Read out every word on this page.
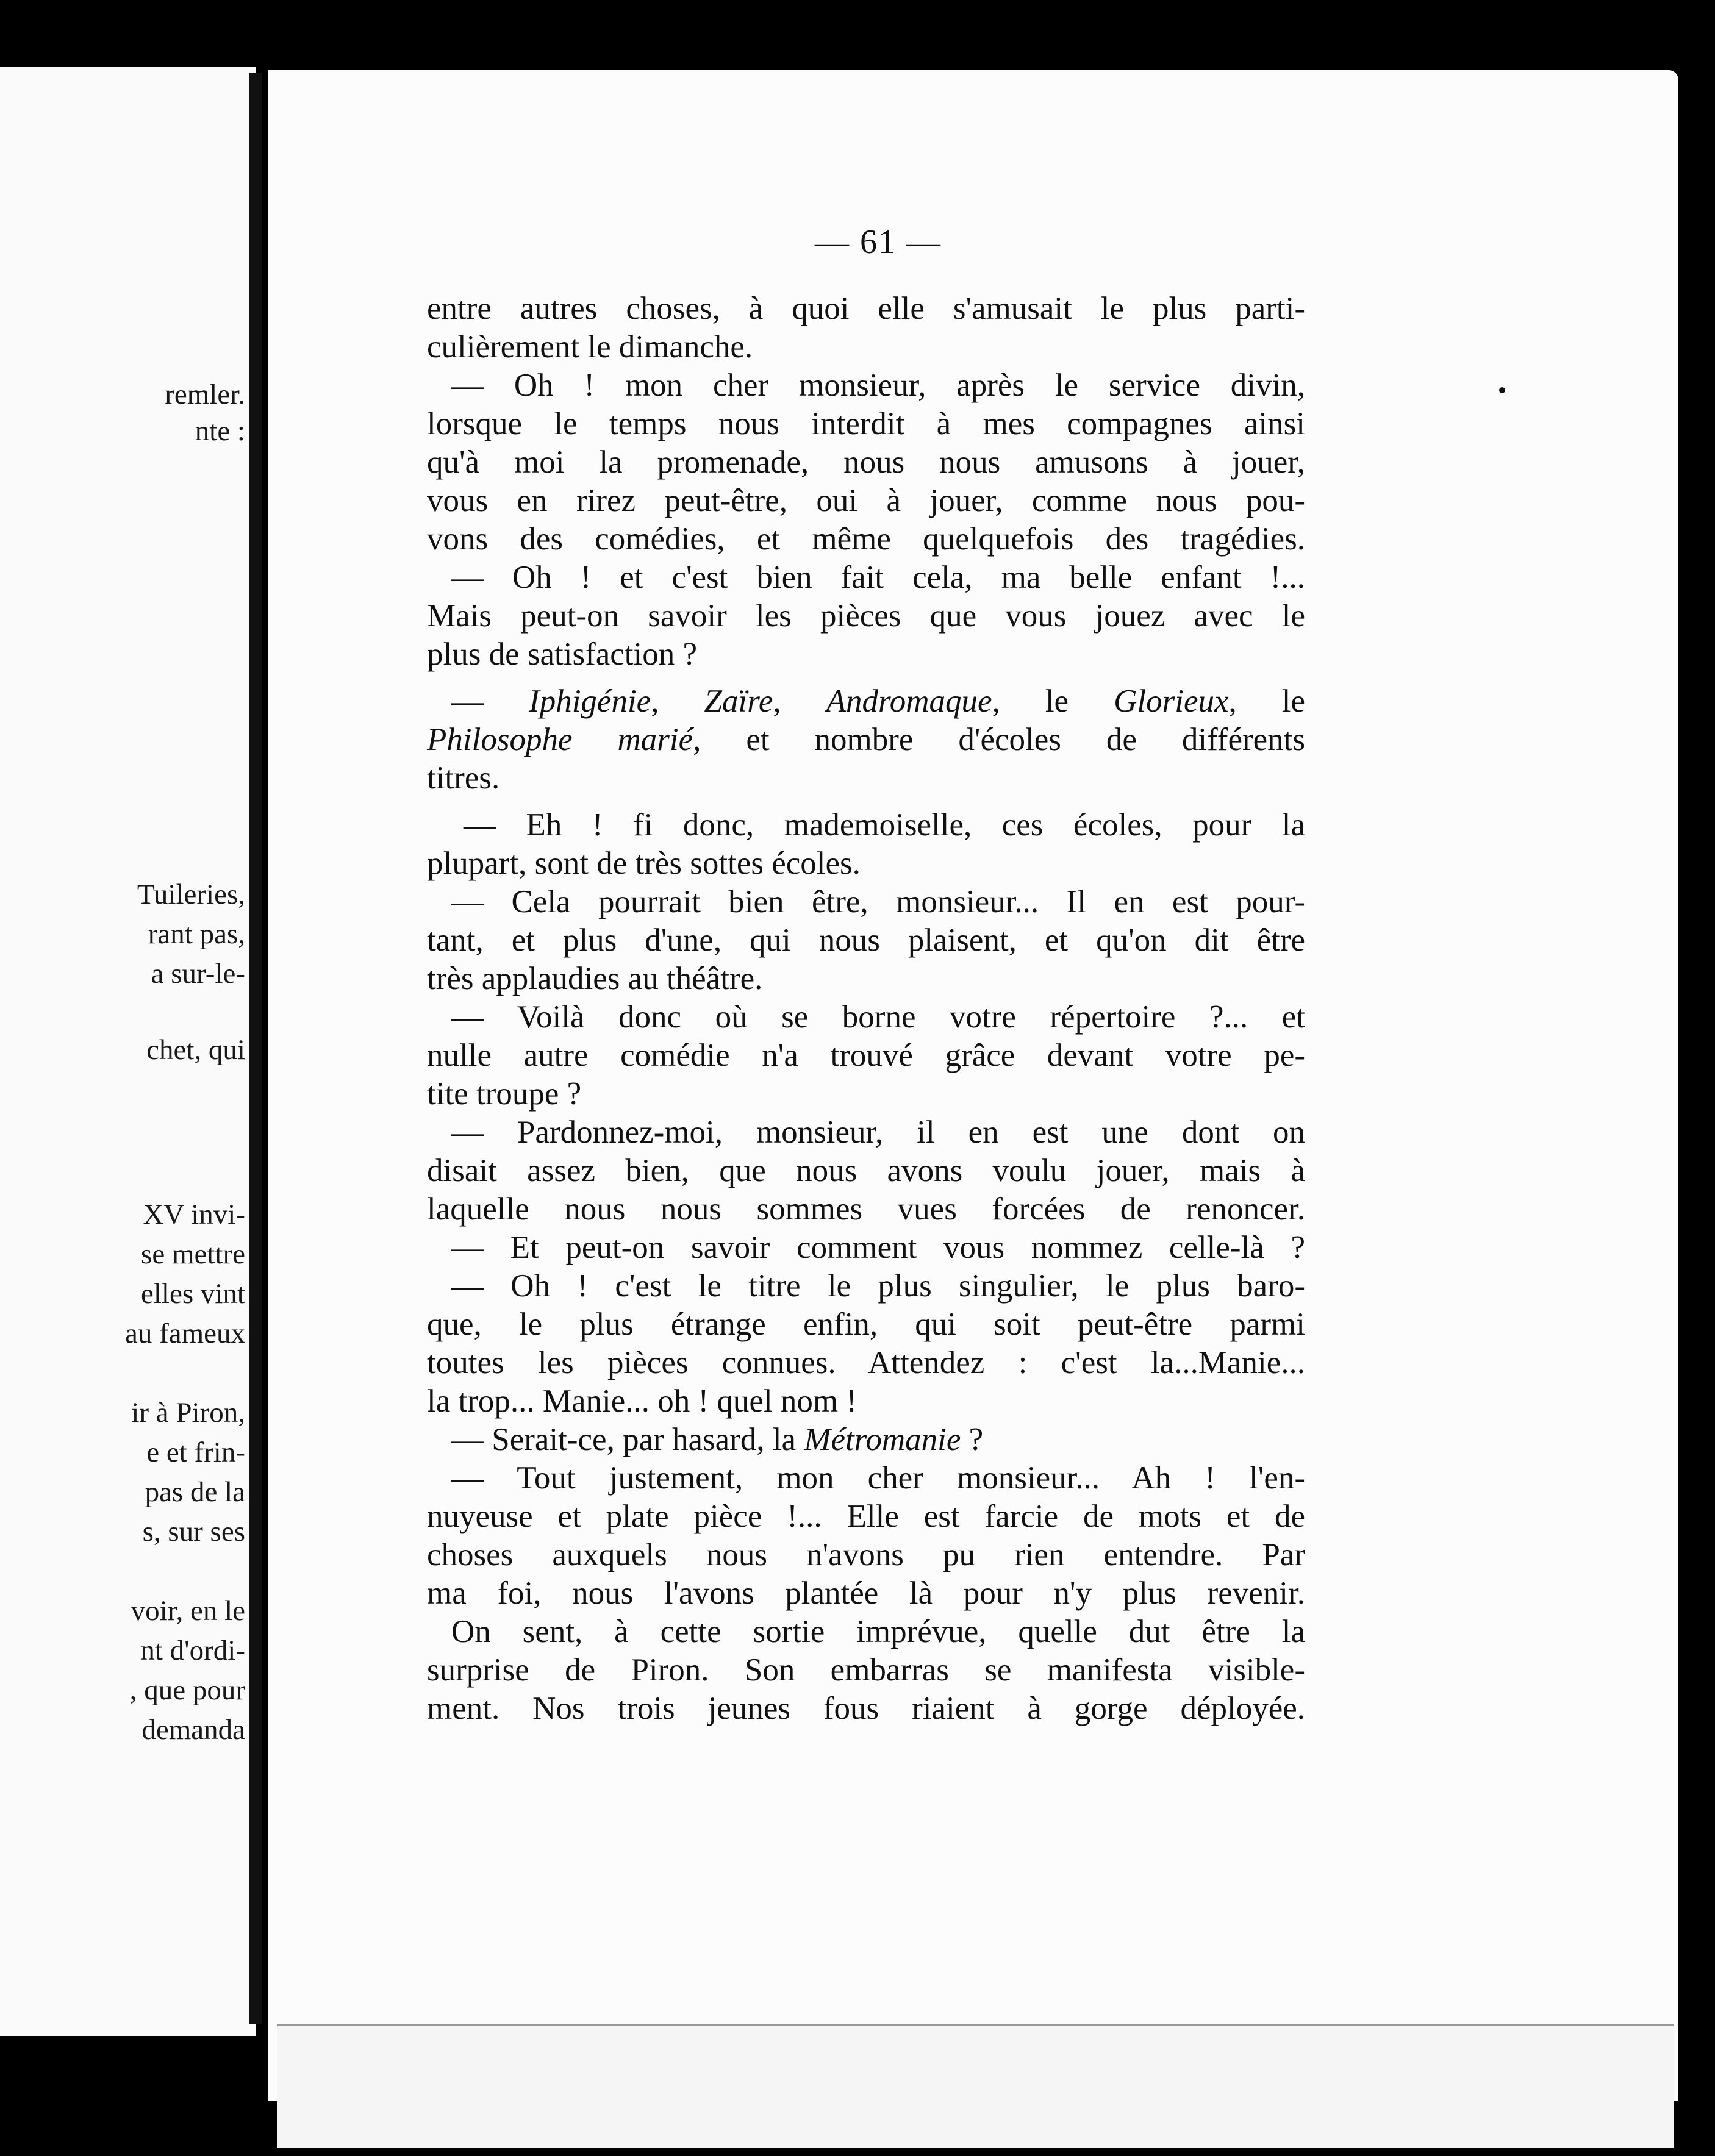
remler.
nte :
Tuileries,
rant pas,
a sur-le-
chet, qui
XV invi-
se mettre
elles vint
au fameux
ir à Piron,
e et frin-
pas de la
s, sur ses
voir, en le
nt d'ordi-
, que pour
demanda
— 61 —
entre autres choses, à quoi elle s'amusait le plus parti-
culièrement le dimanche.
— Oh ! mon cher monsieur, après le service divin,
lorsque le temps nous interdit à mes compagnes ainsi
qu'à moi la promenade, nous nous amusons à jouer,
vous en rirez peut-être, oui à jouer, comme nous pou-
vons des comédies, et même quelquefois des tragédies.
— Oh ! et c'est bien fait cela, ma belle enfant !...
Mais peut-on savoir les pièces que vous jouez avec le
plus de satisfaction ?
— Iphigénie, Zaïre, Andromaque, le Glorieux, le
Philosophe marié, et nombre d'écoles de différents
titres.
— Eh ! fi donc, mademoiselle, ces écoles, pour la
plupart, sont de très sottes écoles.
— Cela pourrait bien être, monsieur... Il en est pour-
tant, et plus d'une, qui nous plaisent, et qu'on dit être
très applaudies au théâtre.
— Voilà donc où se borne votre répertoire ?... et
nulle autre comédie n'a trouvé grâce devant votre pe-
tite troupe ?
— Pardonnez-moi, monsieur, il en est une dont on
disait assez bien, que nous avons voulu jouer, mais à
laquelle nous nous sommes vues forcées de renoncer.
— Et peut-on savoir comment vous nommez celle-là ?
— Oh ! c'est le titre le plus singulier, le plus baro-
que, le plus étrange enfin, qui soit peut-être parmi
toutes les pièces connues. Attendez : c'est la...Manie...
la trop... Manie... oh ! quel nom !
— Serait-ce, par hasard, la Métromanie ?
— Tout justement, mon cher monsieur... Ah ! l'en-
nuyeuse et plate pièce !... Elle est farcie de mots et de
choses auxquels nous n'avons pu rien entendre. Par
ma foi, nous l'avons plantée là pour n'y plus revenir.
On sent, à cette sortie imprévue, quelle dut être la
surprise de Piron. Son embarras se manifesta visible-
ment. Nos trois jeunes fous riaient à gorge déployée.
